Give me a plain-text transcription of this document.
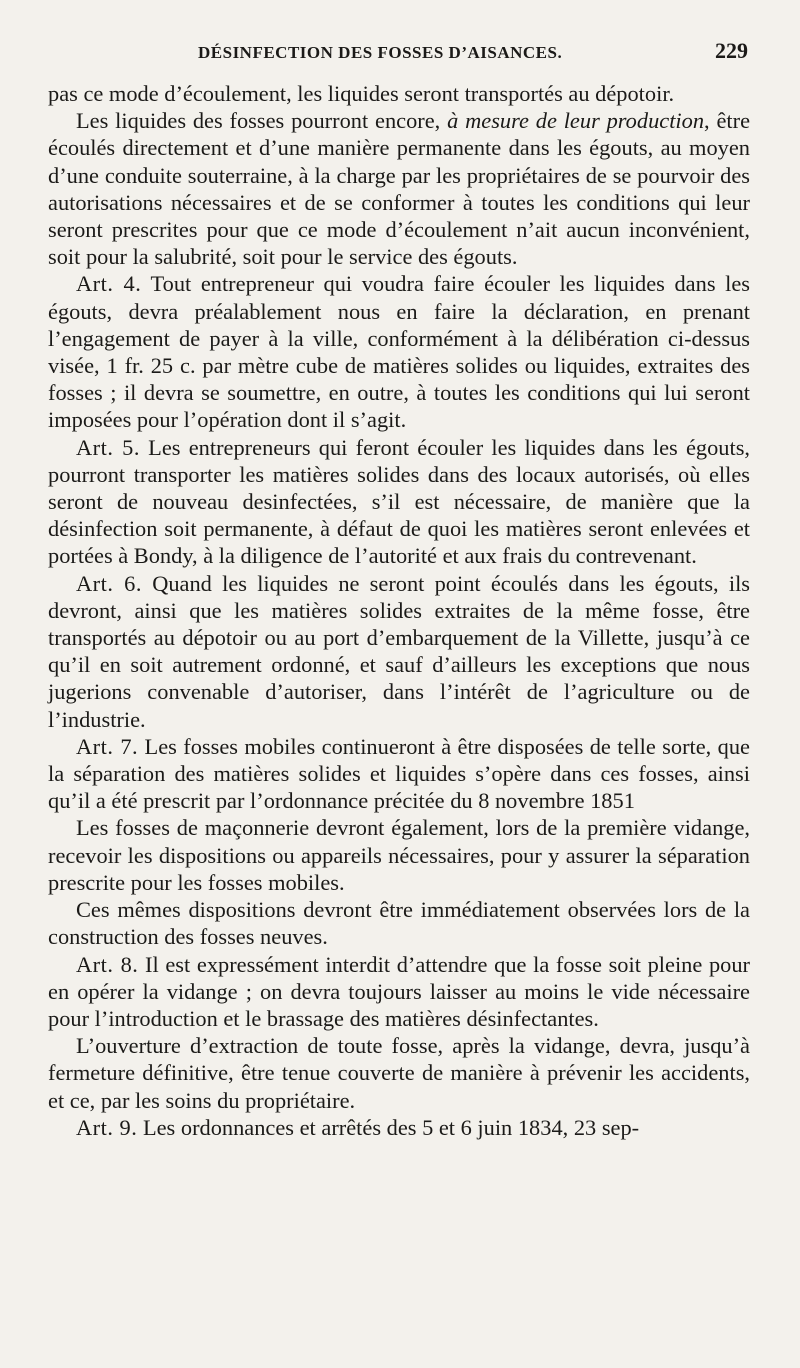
DÉSINFECTION DES FOSSES D’AISANCES.	229

pas ce mode d’écoulement, les liquides seront transportés au dépotoir.

Les liquides des fosses pourront encore, à mesure de leur production, être écoulés directement et d’une manière permanente dans les égouts, au moyen d’une conduite souterraine, à la charge par les propriétaires de se pourvoir des autorisations nécessaires et de se conformer à toutes les conditions qui leur seront prescrites pour que ce mode d’écoulement n’ait aucun inconvénient, soit pour la salubrité, soit pour le service des égouts.

Art. 4. Tout entrepreneur qui voudra faire écouler les liquides dans les égouts, devra préalablement nous en faire la déclaration, en prenant l’engagement de payer à la ville, conformément à la délibération ci-dessus visée, 1 fr. 25 c. par mètre cube de matières solides ou liquides, extraites des fosses ; il devra se soumettre, en outre, à toutes les conditions qui lui seront imposées pour l’opération dont il s’agit.

Art. 5. Les entrepreneurs qui feront écouler les liquides dans les égouts, pourront transporter les matières solides dans des locaux autorisés, où elles seront de nouveau desinfectées, s’il est nécessaire, de manière que la désinfection soit permanente, à défaut de quoi les matières seront enlevées et portées à Bondy, à la diligence de l’autorité et aux frais du contrevenant.

Art. 6. Quand les liquides ne seront point écoulés dans les égouts, ils devront, ainsi que les matières solides extraites de la même fosse, être transportés au dépotoir ou au port d’embarquement de la Villette, jusqu’à ce qu’il en soit autrement ordonné, et sauf d’ailleurs les exceptions que nous jugerions convenable d’autoriser, dans l’intérêt de l’agriculture ou de l’industrie.

Art. 7. Les fosses mobiles continueront à être disposées de telle sorte, que la séparation des matières solides et liquides s’opère dans ces fosses, ainsi qu’il a été prescrit par l’ordonnance précitée du 8 novembre 1851

Les fosses de maçonnerie devront également, lors de la première vidange, recevoir les dispositions ou appareils nécessaires, pour y assurer la séparation prescrite pour les fosses mobiles.

Ces mêmes dispositions devront être immédiatement observées lors de la construction des fosses neuves.

Art. 8. Il est expressément interdit d’attendre que la fosse soit pleine pour en opérer la vidange ; on devra toujours laisser au moins le vide nécessaire pour l’introduction et le brassage des matières désinfectantes.

L’ouverture d’extraction de toute fosse, après la vidange, devra, jusqu’à fermeture définitive, être tenue couverte de manière à prévenir les accidents, et ce, par les soins du propriétaire.

Art. 9. Les ordonnances et arrêtés des 5 et 6 juin 1834, 23 sep-
